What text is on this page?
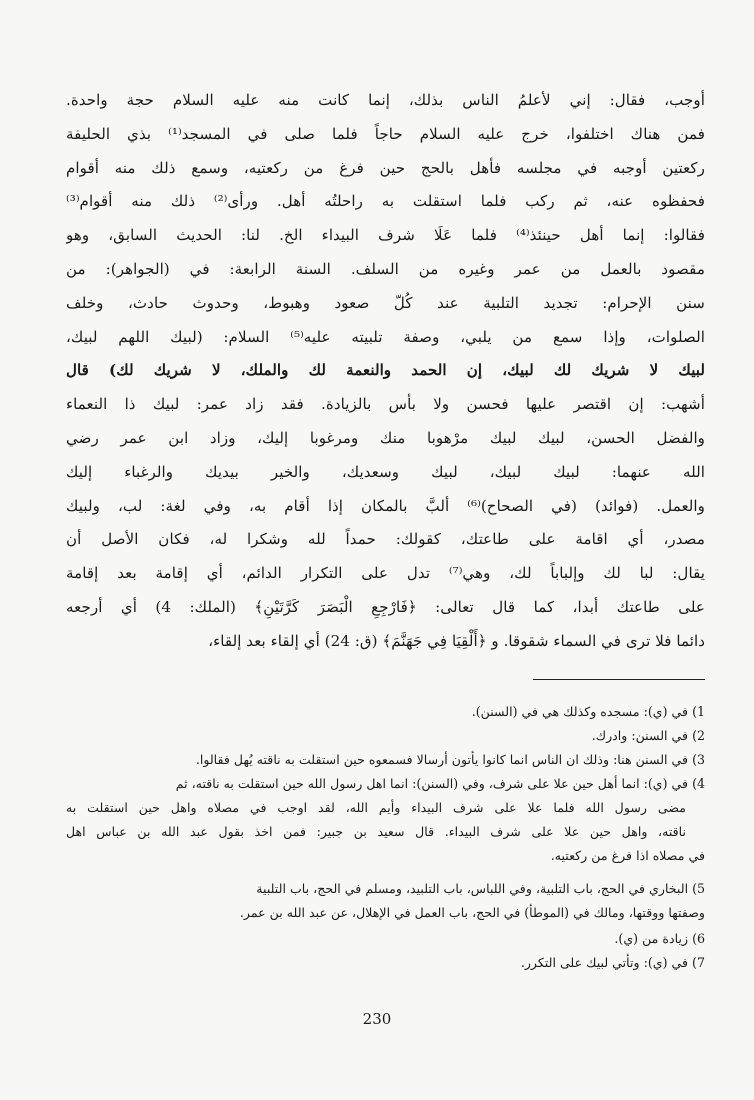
أوجب، فقال: إني لأعلمُ الناس بذلك، إنما كانت منه عليه السلام حجة واحدة.
فمن هناك اختلفوا، خرج عليه السلام حاجاً فلما صلى في المسجد⁽¹⁾ بذي الحليفة
ركعتين أوجبه في مجلسه فأهل بالحج حين فرغ من ركعتيه، وسمع ذلك منه أقوام
فحفظوه عنه، ثم ركب فلما استقلت به راحلتُه أهل. ورأى⁽²⁾ ذلك منه أقوام⁽³⁾
فقالوا: إنما أهل حينئذ⁽⁴⁾ فلما عَلَا شرف البيداء الخ. لنا: الحديث السابق، وهو
مقصود بالعمل من عمر وغيره من السلف. السنة الرابعة: في (الجواهر): من
سنن الإحرام: تجديد التلبية عند كُلّ صعود وهبوط، وحدوث حادث، وخلف
الصلوات، وإذا سمع من يلبي، وصفة تلبيته عليه⁽⁵⁾ السلام: (لبيك اللهم لبيك،
لبيك لا شريك لك لبيك، إن الحمد والنعمة لك والملك، لا شريك لك) قال
أشهب: إن اقتصر عليها فحسن ولا بأس بالزيادة. فقد زاد عمر: لبيك ذا النعماء
والفضل الحسن، لبيك لبيك مرْهوبا منك ومرغوبا إليك، وزاد ابن عمر رضي
الله عنهما: لبيك لبيك، لبيك وسعديك، والخير بيديك والرغباء إليك
والعمل. (فوائد) (في الصحاح)⁽⁶⁾ ألبَّ بالمكان إذا أقام به، وفي لغة: لب، ولبيك
مصدر، أي اقامة على طاعتك، كقولك: حمداً لله وشكرا له، فكان الأصل أن
يقال: لبا لك وإلباباً لك، وهي⁽⁷⁾ تدل على التكرار الدائم، أي إقامة بعد إقامة
على طاعتك أبدا، كما قال تعالى: ﴿فَارْجِعِ الْبَصَرَ كَرَّتَيْنِ﴾ (الملك: 4) أي أرجعه
دائما فلا ترى في السماء شقوقا. و ﴿أَلْقِيَا فِي جَهَنَّمَ﴾ (ق: 24) أي إلقاء بعد إلقاء،
1) في (ي): مسجده وكذلك هي في (السنن).
2) في السنن: وادرك.
3) في السنن هنا: وذلك ان الناس انما كانوا يأتون أرسالا فسمعوه حين استقلت به ناقته يُهل فقالوا.
4) في (ي): انما أهل حين علا على شرف، وفي (السنن): انما اهل رسول الله حين استقلت به ناقته، ثم
مضى رسول الله فلما علا على شرف البيداء وأيم الله، لقد اوجب في مصلاه واهل حين استقلت به
ناقته، واهل حين علا على شرف البيداء. قال سعيد بن جبير: فمن اخذ بقول عبد الله بن عباس اهل
في مصلاه اذا فرغ من ركعتيه.
5) البخاري في الحج، باب التلبية، وفي اللباس، باب التلبيد، ومسلم في الحج، باب التلبية
وصفتها ووقتها، ومالك في (الموطأ) في الحج، باب العمل في الإهلال، عن عبد الله بن عمر.
6) زيادة من (ي).
7) في (ي): وتأتي لبيك على التكرر.
230
